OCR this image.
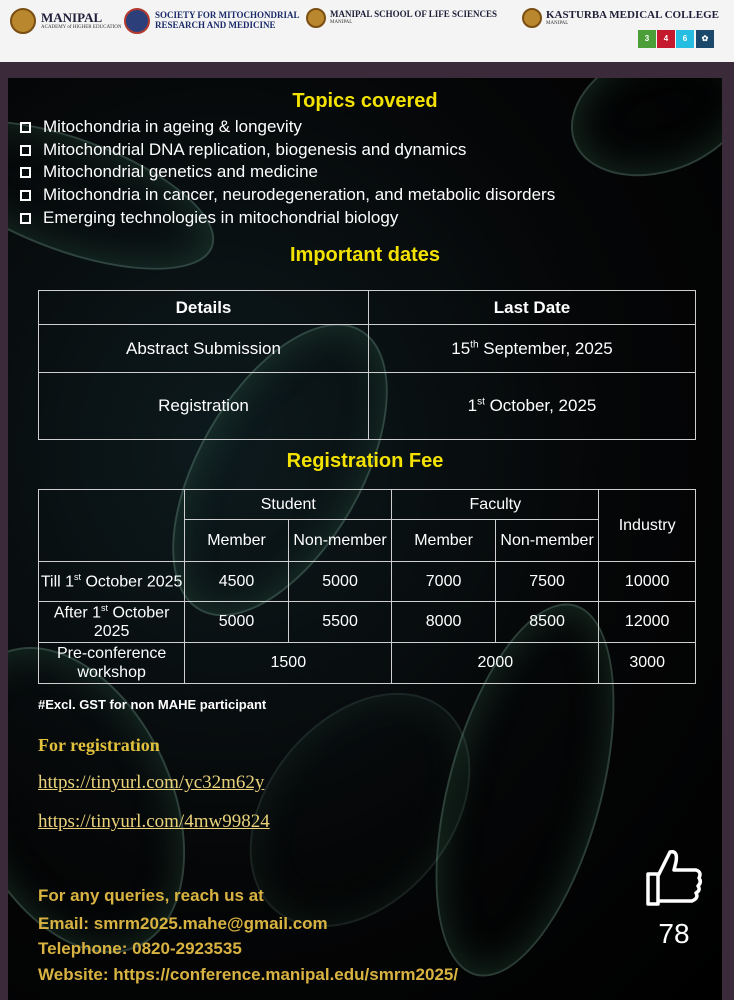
MANIPAL
ACADEMY of HIGHER EDUCATION
SOCIETY FOR MITOCHONDRIAL
RESEARCH AND MEDICINE
MANIPAL SCHOOL OF LIFE SCIENCES
MANIPAL
KASTURBA MEDICAL COLLEGE
MANIPAL
3	4	6	✿
Topics covered
Mitochondria in ageing & longevity
Mitochondrial DNA replication, biogenesis and dynamics
Mitochondrial genetics and medicine
Mitochondria in cancer, neurodegeneration, and metabolic disorders
Emerging technologies in mitochondrial biology
Important dates
Details	Last Date
Abstract Submission	15th September, 2025
Registration	1st October, 2025
Registration Fee
	Student		Faculty		Industry
	Member	Non-member	Member	Non-member	
Till 1st October 2025	4500	5000	7000	7500	10000
After 1st October 2025	5000	5500	8000	8500	12000
Pre-conference workshop	1500		2000		3000
#Excl. GST for non MAHE participant
For registration
https://tinyurl.com/yc32m62y
https://tinyurl.com/4mw99824
For any queries, reach us at
Email: smrm2025.mahe@gmail.com
Telephone: 0820-2923535
Website: https://conference.manipal.edu/smrm2025/
78
